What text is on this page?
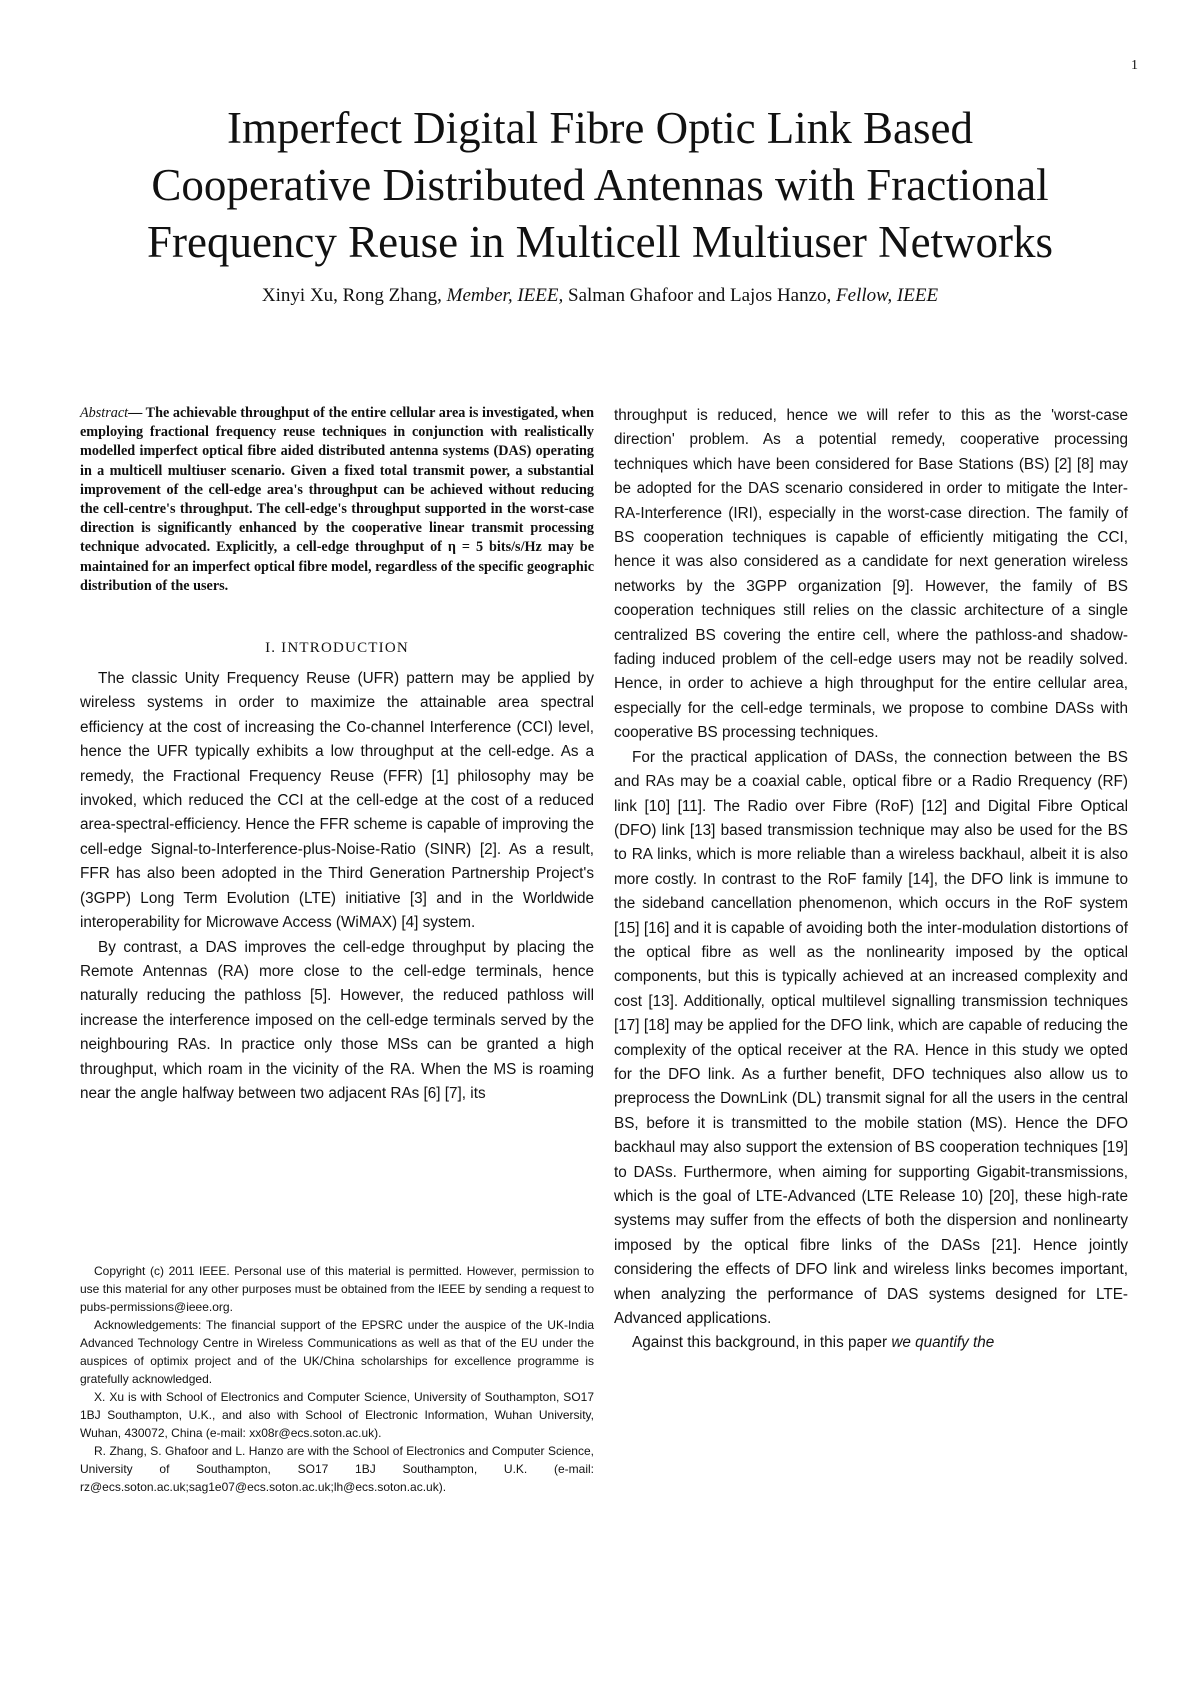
1
Imperfect Digital Fibre Optic Link Based
Cooperative Distributed Antennas with Fractional
Frequency Reuse in Multicell Multiuser Networks
Xinyi Xu, Rong Zhang, Member, IEEE, Salman Ghafoor and Lajos Hanzo, Fellow, IEEE

Abstract— The achievable throughput of the entire cellular area is investigated, when employing fractional frequency reuse techniques in conjunction with realistically modelled imperfect optical fibre aided distributed antenna systems (DAS) operating in a multicell multiuser scenario. Given a fixed total transmit power, a substantial improvement of the cell-edge area's throughput can be achieved without reducing the cell-centre's throughput. The cell-edge's throughput supported in the worst-case direction is significantly enhanced by the cooperative linear transmit processing technique advocated. Explicitly, a cell-edge throughput of η = 5 bits/s/Hz may be maintained for an imperfect optical fibre model, regardless of the specific geographic distribution of the users.

I. INTRODUCTION

The classic Unity Frequency Reuse (UFR) pattern may be applied by wireless systems in order to maximize the attainable area spectral efficiency at the cost of increasing the Co-channel Interference (CCI) level, hence the UFR typically exhibits a low throughput at the cell-edge. As a remedy, the Fractional Frequency Reuse (FFR) [1] philosophy may be invoked, which reduced the CCI at the cell-edge at the cost of a reduced area-spectral-efficiency. Hence the FFR scheme is capable of improving the cell-edge Signal-to-Interference-plus-Noise-Ratio (SINR) [2]. As a result, FFR has also been adopted in the Third Generation Partnership Project's (3GPP) Long Term Evolution (LTE) initiative [3] and in the Worldwide interoperability for Microwave Access (WiMAX) [4] system.

By contrast, a DAS improves the cell-edge throughput by placing the Remote Antennas (RA) more close to the cell-edge terminals, hence naturally reducing the pathloss [5]. However, the reduced pathloss will increase the interference imposed on the cell-edge terminals served by the neighbouring RAs. In practice only those MSs can be granted a high throughput, which roam in the vicinity of the RA. When the MS is roaming near the angle halfway between two adjacent RAs [6] [7], its

throughput is reduced, hence we will refer to this as the 'worst-case direction' problem. As a potential remedy, cooperative processing techniques which have been considered for Base Stations (BS) [2] [8] may be adopted for the DAS scenario considered in order to mitigate the Inter-RA-Interference (IRI), especially in the worst-case direction. The family of BS cooperation techniques is capable of efficiently mitigating the CCI, hence it was also considered as a candidate for next generation wireless networks by the 3GPP organization [9]. However, the family of BS cooperation techniques still relies on the classic architecture of a single centralized BS covering the entire cell, where the pathloss-and shadow-fading induced problem of the cell-edge users may not be readily solved. Hence, in order to achieve a high throughput for the entire cellular area, especially for the cell-edge terminals, we propose to combine DASs with cooperative BS processing techniques.

For the practical application of DASs, the connection between the BS and RAs may be a coaxial cable, optical fibre or a Radio Rrequency (RF) link [10] [11]. The Radio over Fibre (RoF) [12] and Digital Fibre Optical (DFO) link [13] based transmission technique may also be used for the BS to RA links, which is more reliable than a wireless backhaul, albeit it is also more costly. In contrast to the RoF family [14], the DFO link is immune to the sideband cancellation phenomenon, which occurs in the RoF system [15] [16] and it is capable of avoiding both the inter-modulation distortions of the optical fibre as well as the nonlinearity imposed by the optical components, but this is typically achieved at an increased complexity and cost [13]. Additionally, optical multilevel signalling transmission techniques [17] [18] may be applied for the DFO link, which are capable of reducing the complexity of the optical receiver at the RA. Hence in this study we opted for the DFO link. As a further benefit, DFO techniques also allow us to preprocess the DownLink (DL) transmit signal for all the users in the central BS, before it is transmitted to the mobile station (MS). Hence the DFO backhaul may also support the extension of BS cooperation techniques [19] to DASs. Furthermore, when aiming for supporting Gigabit-transmissions, which is the goal of LTE-Advanced (LTE Release 10) [20], these high-rate systems may suffer from the effects of both the dispersion and nonlinearty imposed by the optical fibre links of the DASs [21]. Hence jointly considering the effects of DFO link and wireless links becomes important, when analyzing the performance of DAS systems designed for LTE-Advanced applications.

Against this background, in this paper we quantify the

Copyright (c) 2011 IEEE. Personal use of this material is permitted. However, permission to use this material for any other purposes must be obtained from the IEEE by sending a request to pubs-permissions@ieee.org.

Acknowledgements: The financial support of the EPSRC under the auspice of the UK-India Advanced Technology Centre in Wireless Communications as well as that of the EU under the auspices of optimix project and of the UK/China scholarships for excellence programme is gratefully acknowledged.

X. Xu is with School of Electronics and Computer Science, University of Southampton, SO17 1BJ Southampton, U.K., and also with School of Electronic Information, Wuhan University, Wuhan, 430072, China (e-mail: xx08r@ecs.soton.ac.uk).

R. Zhang, S. Ghafoor and L. Hanzo are with the School of Electronics and Computer Science, University of Southampton, SO17 1BJ Southampton, U.K. (e-mail: rz@ecs.soton.ac.uk;sag1e07@ecs.soton.ac.uk;lh@ecs.soton.ac.uk).
